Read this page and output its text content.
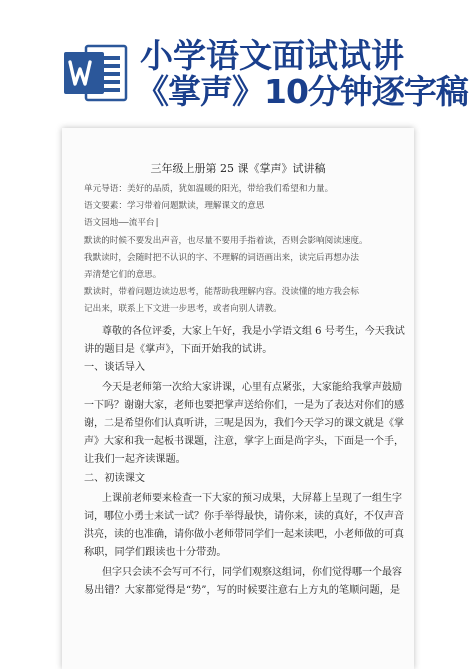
小学语文面试试讲
《掌声》10分钟逐字稿
三年级上册第 25 课《掌声》试讲稿
单元导语：美好的品质，犹如温暖的阳光，带给我们希望和力量。
语文要素：学习带着问题默读，理解课文的意思
语文园地——流平台|
默读的时候不要发出声音，也尽量不要用手指着读，否则会影响阅读速度。
我默读时，会随时把不认识的字、不理解的词语画出来，读完后再想办法
弄清楚它们的意思。
默读时，带着问题边读边思考，能帮助我理解内容。没读懂的地方我会标
记出来，联系上下文进一步思考，或者向别人请教。
尊敬的各位评委，大家上午好，我是小学语文组 6 号考生，今天我试
讲的题目是《掌声》，下面开始我的试讲。
一、谈话导入
今天是老师第一次给大家讲课，心里有点紧张，大家能给我掌声鼓励
一下吗？谢谢大家，老师也要把掌声送给你们，一是为了表达对你们的感
谢，二是希望你们认真听讲，三呢是因为，我们今天学习的课文就是《掌
声》大家和我一起板书课题，注意，掌字上面是尚字头，下面是一个手，
让我们一起齐读课题。
二、初读课文
上课前老师要来检查一下大家的预习成果，大屏幕上呈现了一组生字
词，哪位小勇士来试一试？你手举得最快，请你来，读的真好，不仅声音
洪亮，读的也准确，请你做小老师带同学们一起来读吧，小老师做的可真
称职，同学们跟读也十分带劲。
但字只会读不会写可不行，同学们观察这组词，你们觉得哪一个最容
易出错？大家都觉得是“势”，写的时候要注意右上方丸的笔顺问题，是
